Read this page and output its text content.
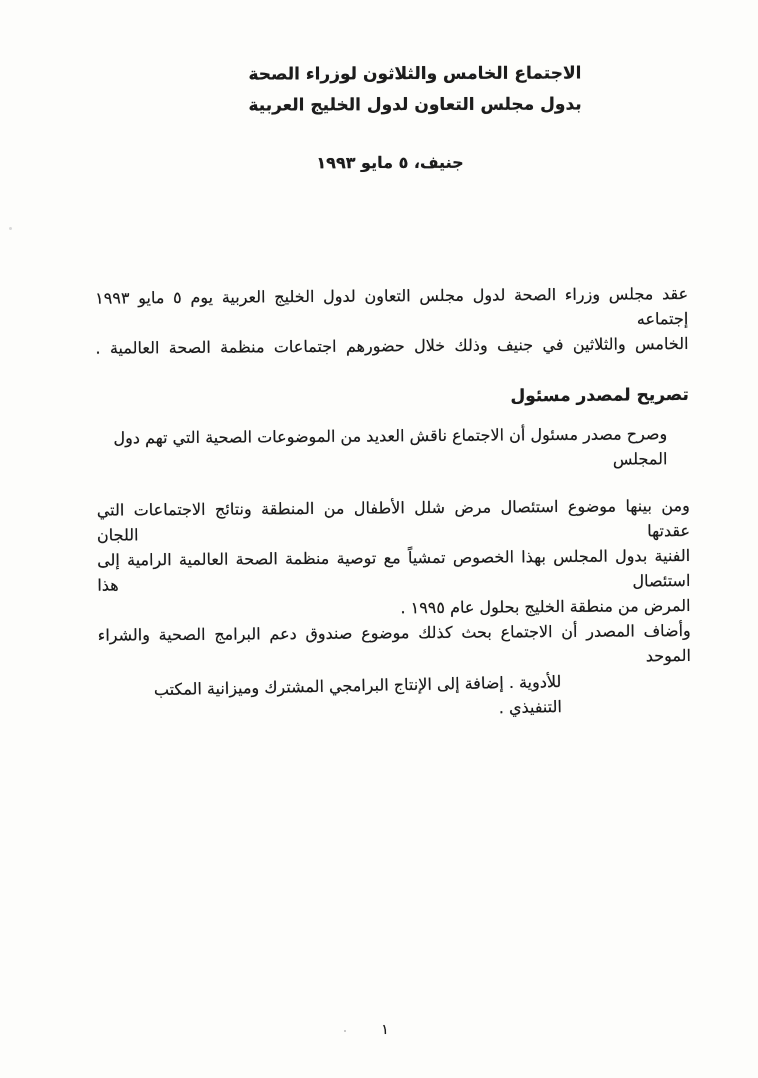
الاجتماع الخامس والثلاثون لوزراء الصحة
بدول مجلس التعاون لدول الخليج العربية
جنيف، ٥ مايو ١٩٩٣
عقد مجلس وزراء الصحة لدول مجلس التعاون لدول الخليج العربية يوم ٥ مايو ١٩٩٣ إجتماعه
الخامس والثلاثين في جنيف وذلك خلال حضورهم اجتماعات منظمة الصحة العالمية .
تصريح لمصدر مسئول
وصرح مصدر مسئول أن الاجتماع ناقش العديد من الموضوعات الصحية التي تهم دول المجلس
ومن بينها موضوع استئصال مرض شلل الأطفال من المنطقة ونتائج الاجتماعات التي عقدتها اللجان
الفنية بدول المجلس بهذا الخصوص تمشياً مع توصية منظمة الصحة العالمية الرامية إلى استئصال هذا
المرض من منطقة الخليج بحلول عام ١٩٩٥ .
وأضاف المصدر أن الاجتماع بحث كذلك موضوع صندوق دعم البرامج الصحية والشراء الموحد
للأدوية . إضافة إلى الإنتاج البرامجي المشترك وميزانية المكتب التنفيذي .
١
